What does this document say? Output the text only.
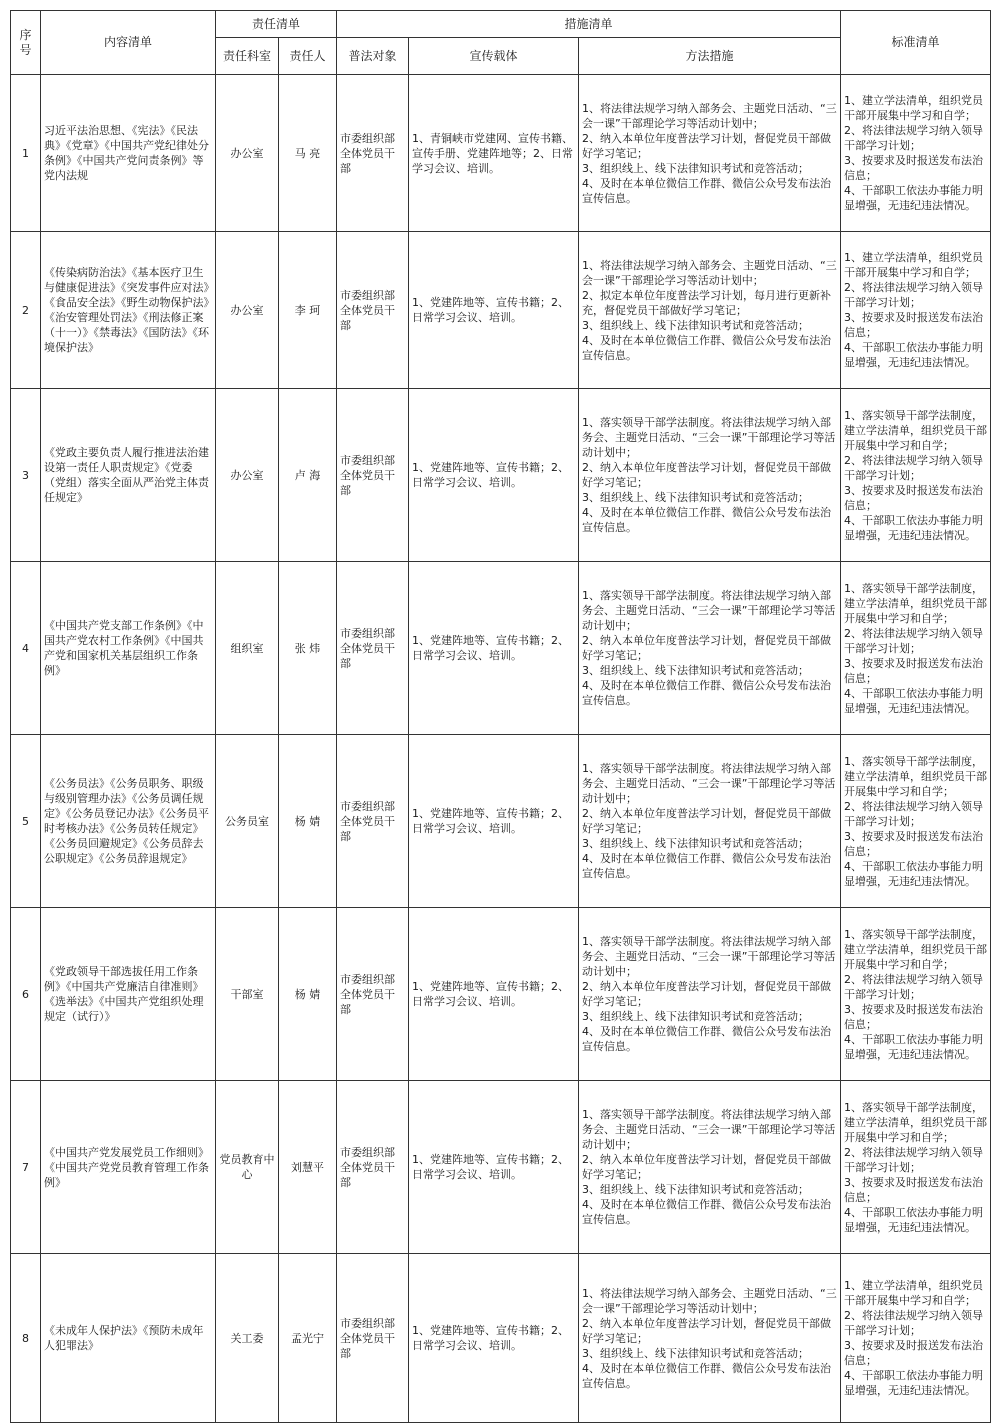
序号	内容清单	责任清单		措施清单			标准清单
		责任科室	责任人	普法对象	宣传载体	方法措施	
1	习近平法治思想、《宪法》《民法典》《党章》《中国共产党纪律处分条例》《中国共产党问责条例》等党内法规	办公室	马 亮	市委组织部全体党员干部	1、青铜峡市党建网、宣传书籍、宣传手册、党建阵地等；2、日常学习会议、培训。	1、将法律法规学习纳入部务会、主题党日活动、“三会一课”干部理论学习等活动计划中；
2、纳入本单位年度普法学习计划，督促党员干部做好学习笔记；
3、组织线上、线下法律知识考试和竞答活动；
4、及时在本单位微信工作群、微信公众号发布法治宣传信息。	1、建立学法清单，组织党员干部开展集中学习和自学；
2、将法律法规学习纳入领导干部学习计划；
3、按要求及时报送发布法治信息；
4、干部职工依法办事能力明显增强，无违纪违法情况。
2	《传染病防治法》《基本医疗卫生与健康促进法》《突发事件应对法》《食品安全法》《野生动物保护法》《治安管理处罚法》《刑法修正案（十一）》《禁毒法》《国防法》《环境保护法》	办公室	李 珂	市委组织部全体党员干部	1、党建阵地等、宣传书籍；2、日常学习会议、培训。	1、将法律法规学习纳入部务会、主题党日活动、“三会一课”干部理论学习等活动计划中；
2、拟定本单位年度普法学习计划，每月进行更新补充，督促党员干部做好学习笔记；
3、组织线上、线下法律知识考试和竞答活动；
4、及时在本单位微信工作群、微信公众号发布法治宣传信息。	1、建立学法清单，组织党员干部开展集中学习和自学；
2、将法律法规学习纳入领导干部学习计划；
3、按要求及时报送发布法治信息；
4、干部职工依法办事能力明显增强，无违纪违法情况。
3	《党政主要负责人履行推进法治建设第一责任人职责规定》《党委（党组）落实全面从严治党主体责任规定》	办公室	卢 海	市委组织部全体党员干部	1、党建阵地等、宣传书籍；2、日常学习会议、培训。	1、落实领导干部学法制度。将法律法规学习纳入部务会、主题党日活动、“三会一课”干部理论学习等活动计划中；
2、纳入本单位年度普法学习计划，督促党员干部做好学习笔记；
3、组织线上、线下法律知识考试和竞答活动；
4、及时在本单位微信工作群、微信公众号发布法治宣传信息。	1、落实领导干部学法制度，建立学法清单，组织党员干部开展集中学习和自学；
2、将法律法规学习纳入领导干部学习计划；
3、按要求及时报送发布法治信息；
4、干部职工依法办事能力明显增强，无违纪违法情况。
4	《中国共产党支部工作条例》《中国共产党农村工作条例》《中国共产党和国家机关基层组织工作条例》	组织室	张 炜	市委组织部全体党员干部	1、党建阵地等、宣传书籍；2、日常学习会议、培训。	1、落实领导干部学法制度。将法律法规学习纳入部务会、主题党日活动、“三会一课”干部理论学习等活动计划中；
2、纳入本单位年度普法学习计划，督促党员干部做好学习笔记；
3、组织线上、线下法律知识考试和竞答活动；
4、及时在本单位微信工作群、微信公众号发布法治宣传信息。	1、落实领导干部学法制度，建立学法清单，组织党员干部开展集中学习和自学；
2、将法律法规学习纳入领导干部学习计划；
3、按要求及时报送发布法治信息；
4、干部职工依法办事能力明显增强，无违纪违法情况。
5	《公务员法》《公务员职务、职级与级别管理办法》《公务员调任规定》《公务员登记办法》《公务员平时考核办法》《公务员转任规定》《公务员回避规定》《公务员辞去公职规定》《公务员辞退规定》	公务员室	杨 婧	市委组织部全体党员干部	1、党建阵地等、宣传书籍；2、日常学习会议、培训。	1、落实领导干部学法制度。将法律法规学习纳入部务会、主题党日活动、“三会一课”干部理论学习等活动计划中；
2、纳入本单位年度普法学习计划，督促党员干部做好学习笔记；
3、组织线上、线下法律知识考试和竞答活动；
4、及时在本单位微信工作群、微信公众号发布法治宣传信息。	1、落实领导干部学法制度，建立学法清单，组织党员干部开展集中学习和自学；
2、将法律法规学习纳入领导干部学习计划；
3、按要求及时报送发布法治信息；
4、干部职工依法办事能力明显增强，无违纪违法情况。
6	《党政领导干部选拔任用工作条例》《中国共产党廉洁自律准则》《选举法》《中国共产党组织处理规定（试行）》	干部室	杨 婧	市委组织部全体党员干部	1、党建阵地等、宣传书籍；2、日常学习会议、培训。	1、落实领导干部学法制度。将法律法规学习纳入部务会、主题党日活动、“三会一课”干部理论学习等活动计划中；
2、纳入本单位年度普法学习计划，督促党员干部做好学习笔记；
3、组织线上、线下法律知识考试和竞答活动；
4、及时在本单位微信工作群、微信公众号发布法治宣传信息。	1、落实领导干部学法制度，建立学法清单，组织党员干部开展集中学习和自学；
2、将法律法规学习纳入领导干部学习计划；
3、按要求及时报送发布法治信息；
4、干部职工依法办事能力明显增强，无违纪违法情况。
7	《中国共产党发展党员工作细则》《中国共产党党员教育管理工作条例》	党员教育中心	刘慧平	市委组织部全体党员干部	1、党建阵地等、宣传书籍；2、日常学习会议、培训。	1、落实领导干部学法制度。将法律法规学习纳入部务会、主题党日活动、“三会一课”干部理论学习等活动计划中；
2、纳入本单位年度普法学习计划，督促党员干部做好学习笔记；
3、组织线上、线下法律知识考试和竞答活动；
4、及时在本单位微信工作群、微信公众号发布法治宣传信息。	1、落实领导干部学法制度，建立学法清单，组织党员干部开展集中学习和自学；
2、将法律法规学习纳入领导干部学习计划；
3、按要求及时报送发布法治信息；
4、干部职工依法办事能力明显增强，无违纪违法情况。
8	《未成年人保护法》《预防未成年人犯罪法》	关工委	孟光宁	市委组织部全体党员干部	1、党建阵地等、宣传书籍；2、日常学习会议、培训。	1、将法律法规学习纳入部务会、主题党日活动、“三会一课”干部理论学习等活动计划中；
2、纳入本单位年度普法学习计划，督促党员干部做好学习笔记；
3、组织线上、线下法律知识考试和竞答活动；
4、及时在本单位微信工作群、微信公众号发布法治宣传信息。	1、建立学法清单，组织党员干部开展集中学习和自学；
2、将法律法规学习纳入领导干部学习计划；
3、按要求及时报送发布法治信息；
4、干部职工依法办事能力明显增强，无违纪违法情况。
